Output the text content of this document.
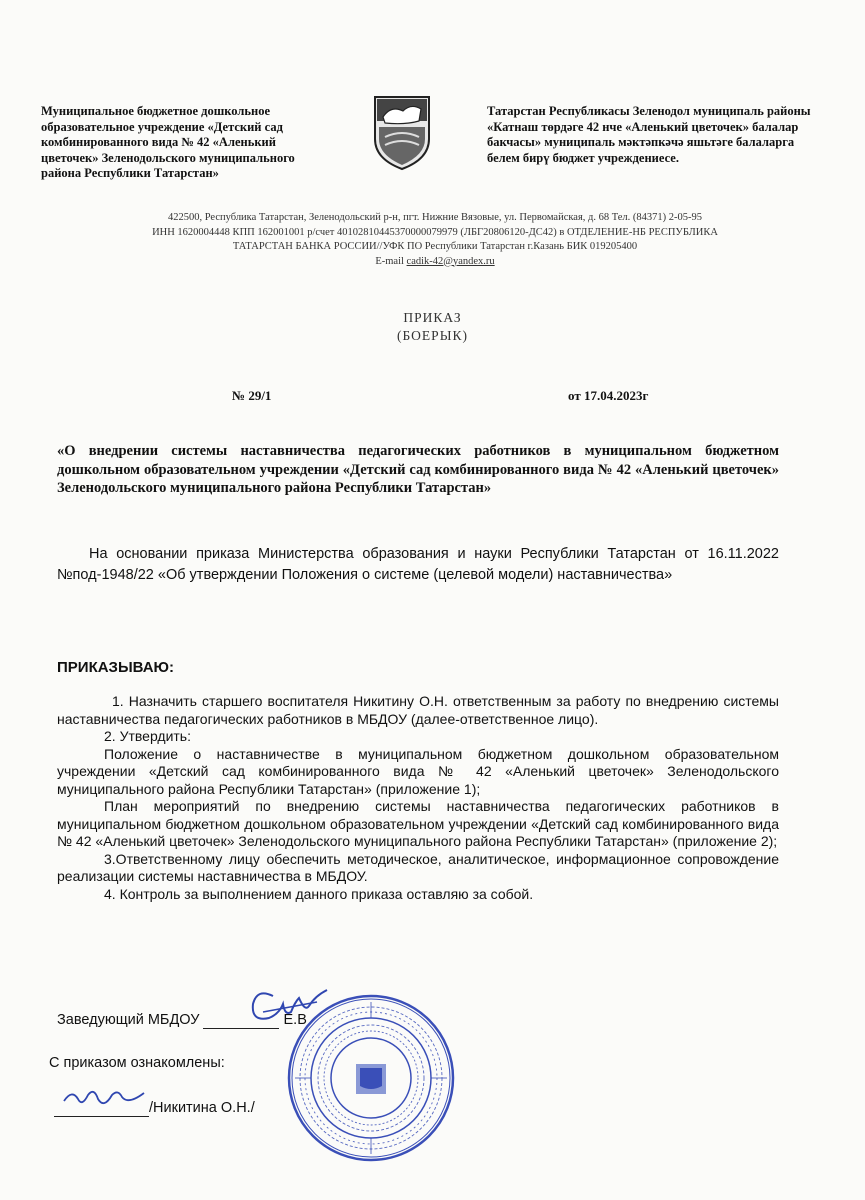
Муниципальное бюджетное дошкольное образовательное учреждение «Детский сад комбинированного вида № 42 «Аленький цветочек» Зеленодольского муниципального района Республики Татарстан»
Татарстан Республикасы Зеленодол муниципаль районы «Катнаш төрдәге 42 нче «Аленький цветочек» балалар бакчасы» муниципаль мәктәпкәчә яшьтәге балаларга белем бирү бюджет учреждениесе.
422500, Республика Татарстан, Зеленодольский р-н, пгт. Нижние Вязовые, ул. Первомайская, д. 68 Тел. (84371) 2-05-95
ИНН 1620004448 КПП 162001001 р/счет 40102810445370000079979 (ЛБГ20806120-ДС42) в ОТДЕЛЕНИЕ-НБ РЕСПУБЛИКА
ТАТАРСТАН БАНКА РОССИИ//УФК ПО Республики Татарстан г.Казань БИК 019205400
E-mail cadik-42@yandex.ru
ПРИКАЗ
(БОЕРЫК)
№ 29/1	от 17.04.2023г
«О внедрении системы наставничества педагогических работников в муниципальном бюджетном дошкольном образовательном учреждении «Детский сад комбинированного вида № 42 «Аленький цветочек» Зеленодольского муниципального района Республики Татарстан»
На основании приказа Министерства образования и науки Республики Татарстан от 16.11.2022 №под-1948/22 «Об утверждении Положения о системе (целевой модели) наставничества»
ПРИКАЗЫВАЮ:

1. Назначить старшего воспитателя Никитину О.Н. ответственным за работу по внедрению системы наставничества педагогических работников в МБДОУ (далее-ответственное лицо).

2. Утвердить:

Положение о наставничестве в муниципальном бюджетном дошкольном образовательном учреждении «Детский сад комбинированного вида № 42 «Аленький цветочек» Зеленодольского муниципального района Республики Татарстан» (приложение 1);

План мероприятий по внедрению системы наставничества педагогических работников в муниципальном бюджетном дошкольном образовательном учреждении «Детский сад комбинированного вида № 42 «Аленький цветочек» Зеленодольского муниципального района Республики Татарстан» (приложение 2);

3.Ответственному лицу обеспечить методическое, аналитическое, информационное сопровождение реализации системы наставничества в МБДОУ.

4. Контроль за выполнением данного приказа оставляю за собой.

Заведующий МБДОУ	Е.В
С приказом ознакомлены:
/Никитина О.Н./
